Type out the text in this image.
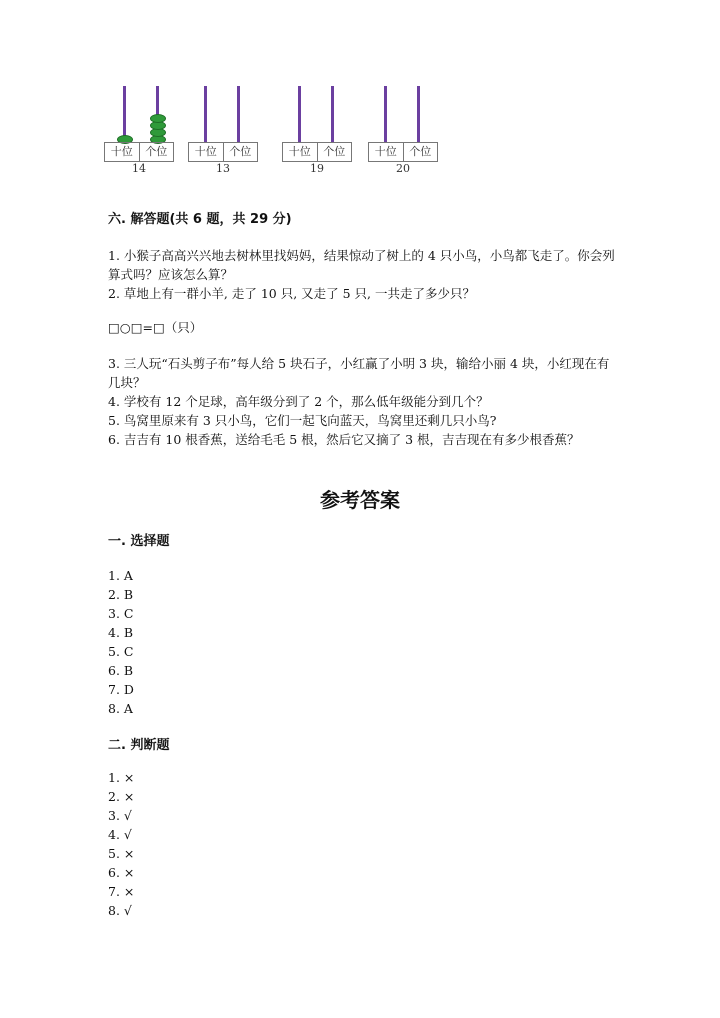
十位	个位
14
十位	个位
13
十位	个位
19
十位	个位
20
六. 解答题(共 6 题，共 29 分)
1. 小猴子高高兴兴地去树林里找妈妈，结果惊动了树上的 4 只小鸟，小鸟都飞走了。你会列算式吗？应该怎么算？
2. 草地上有一群小羊, 走了 10 只, 又走了 5 只, 一共走了多少只？
□○□=□（只）
3. 三人玩“石头剪子布”每人给 5 块石子，小红赢了小明 3 块，输给小丽 4 块，小红现在有几块？
4. 学校有 12 个足球，高年级分到了 2 个，那么低年级能分到几个？
5. 鸟窝里原来有 3 只小鸟，它们一起飞向蓝天，鸟窝里还剩几只小鸟?
6. 吉吉有 10 根香蕉，送给毛毛 5 根，然后它又摘了 3 根，吉吉现在有多少根香蕉？
参考答案
一. 选择题
1. A
2. B
3. C
4. B
5. C
6. B
7. D
8. A
二. 判断题
1. ×
2. ×
3. √
4. √
5. ×
6. ×
7. ×
8. √
